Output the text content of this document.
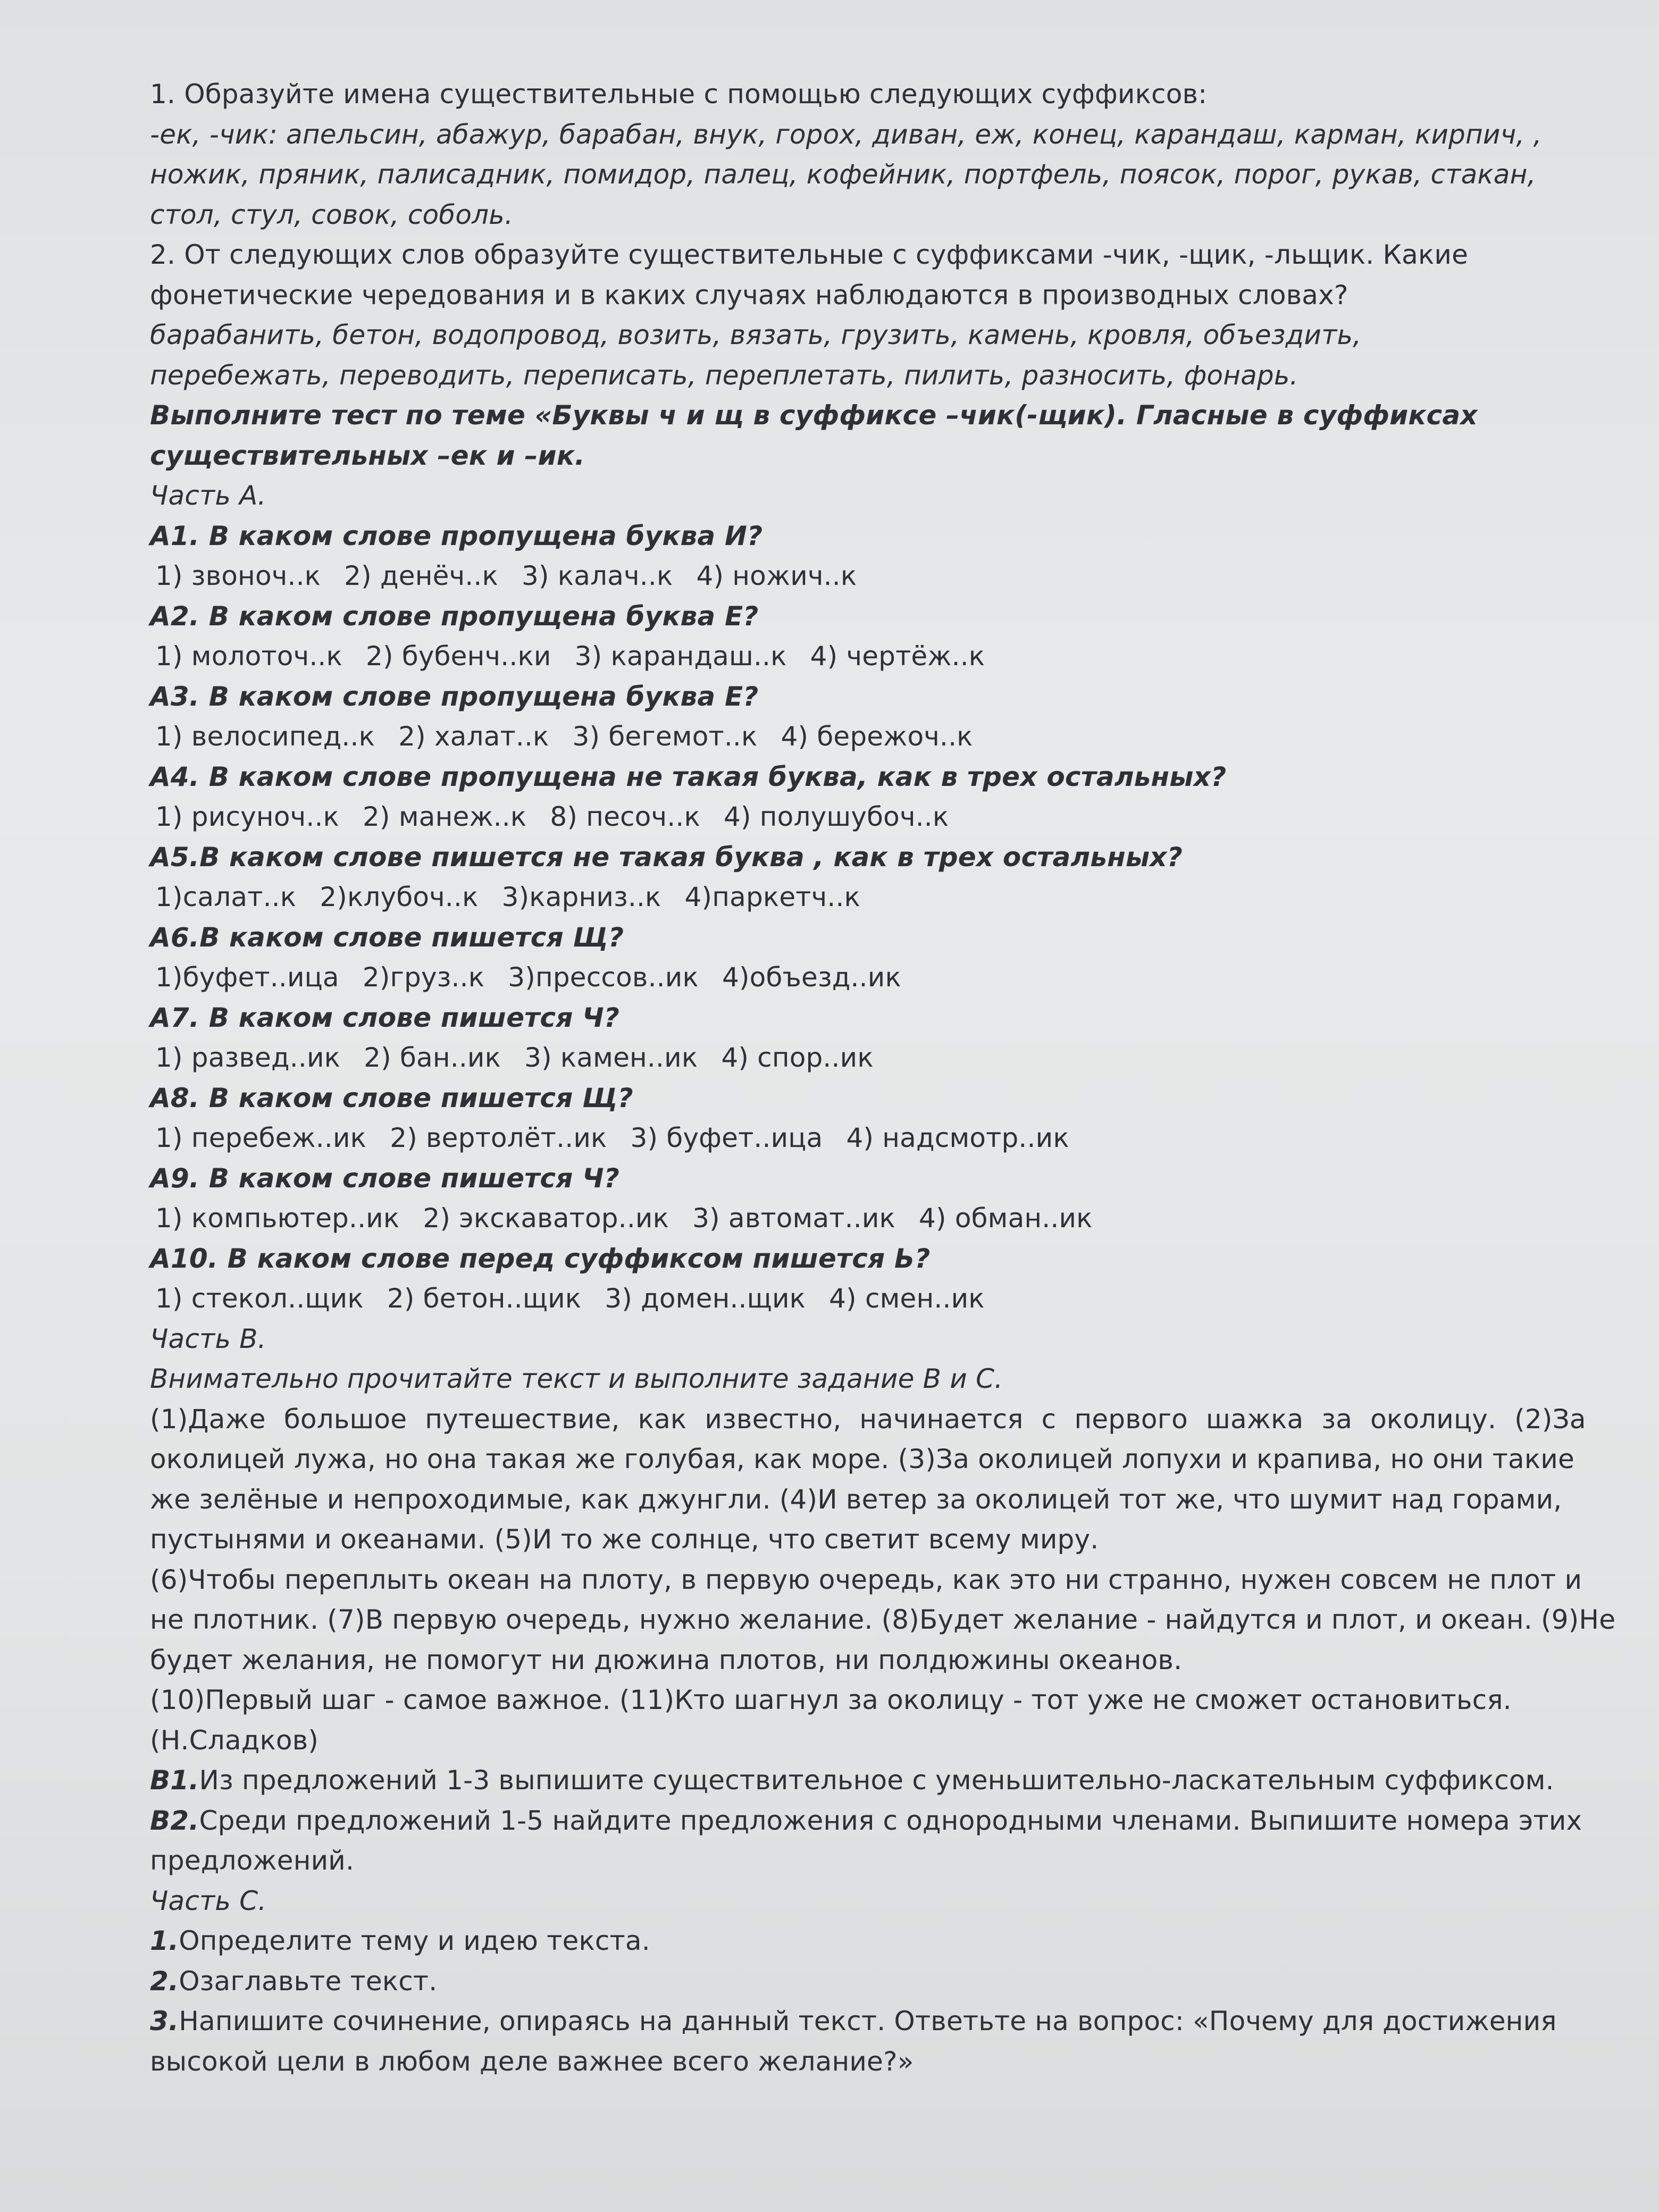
1. Образуйте имена существительные с помощью следующих суффиксов:
-ек, -чик: апельсин, абажур, барабан, внук, горох, диван, еж, конец, карандаш, карман, кирпич, ,
ножик, пряник, палисадник, помидор, палец, кофейник, портфель, поясок, порог, рукав, стакан,
стол, стул, совок, соболь.
2. От следующих слов образуйте существительные с суффиксами -чик, -щик, -льщик. Какие
фонетические чередования и в каких случаях наблюдаются в производных словах?
барабанить, бетон, водопровод, возить, вязать, грузить, камень, кровля, объездить,
перебежать, переводить, переписать, переплетать, пилить, разносить, фонарь.
Выполните тест по теме «Буквы ч и щ в суффиксе –чик(-щик). Гласные в суффиксах
существительных –ек и –ик.
Часть А.
А1. В каком слове пропущена буква И?
1) звоноч..к 2) денёч..к 3) калач..к 4) ножич..к
А2. В каком слове пропущена буква Е?
1) молоточ..к 2) бубенч..ки 3) карандаш..к 4) чертёж..к
А3. В каком слове пропущена буква Е?
1) велосипед..к 2) халат..к 3) бегемот..к 4) бережоч..к
А4. В каком слове пропущена не такая буква, как в трех остальных?
1) рисуноч..к 2) манеж..к 8) песоч..к 4) полушубоч..к
А5.В каком слове пишется не такая буква , как в трех остальных?
1)салат..к 2)клубоч..к 3)карниз..к 4)паркетч..к
А6.В каком слове пишется Щ?
1)буфет..ица 2)груз..к 3)прессов..ик 4)объезд..ик
А7. В каком слове пишется Ч?
1) развед..ик 2) бан..ик 3) камен..ик 4) спор..ик
А8. В каком слове пишется Щ?
1) перебеж..ик 2) вертолёт..ик 3) буфет..ица 4) надсмотр..ик
А9. В каком слове пишется Ч?
1) компьютер..ик 2) экскаватор..ик 3) автомат..ик 4) обман..ик
А10. В каком слове перед суффиксом пишется Ь?
1) стекол..щик 2) бетон..щик 3) домен..щик 4) смен..ик
Часть В.
Внимательно прочитайте текст и выполните задание В и С.
(1)Даже большое путешествие, как известно, начинается с первого шажка за околицу. (2)За
околицей лужа, но она такая же голубая, как море. (3)За околицей лопухи и крапива, но они такие
же зелёные и непроходимые, как джунгли. (4)И ветер за околицей тот же, что шумит над горами,
пустынями и океанами. (5)И то же солнце, что светит всему миру.
(6)Чтобы переплыть океан на плоту, в первую очередь, как это ни странно, нужен совсем не плот и
не плотник. (7)В первую очередь, нужно желание. (8)Будет желание - найдутся и плот, и океан. (9)Не
будет желания, не помогут ни дюжина плотов, ни полдюжины океанов.
(10)Первый шаг - самое важное. (11)Кто шагнул за околицу - тот уже не сможет остановиться.
(Н.Сладков)
В1.Из предложений 1-3 выпишите существительное с уменьшительно-ласкательным суффиксом.
В2.Среди предложений 1-5 найдите предложения с однородными членами. Выпишите номера этих
предложений.
Часть С.
1.Определите тему и идею текста.
2.Озаглавьте текст.
3.Напишите сочинение, опираясь на данный текст. Ответьте на вопрос: «Почему для достижения
высокой цели в любом деле важнее всего желание?»
